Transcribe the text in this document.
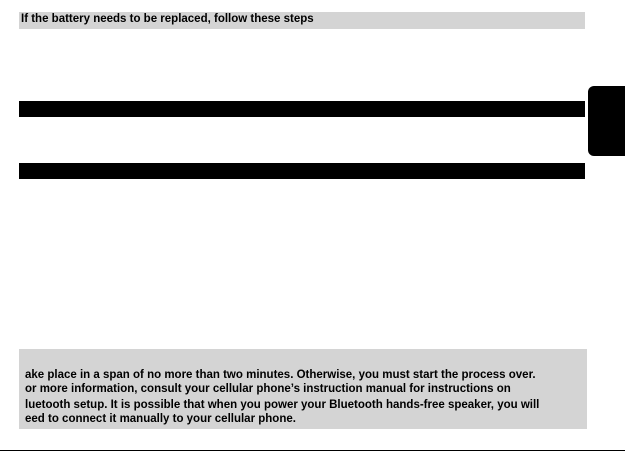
If the battery needs to be replaced, follow these steps
ake place in a span of no more than two minutes. Otherwise, you must start the process over.
or more information, consult your cellular phone’s instruction manual for instructions on
luetooth setup. It is possible that when you power your Bluetooth hands-free speaker, you will
eed to connect it manually to your cellular phone.
